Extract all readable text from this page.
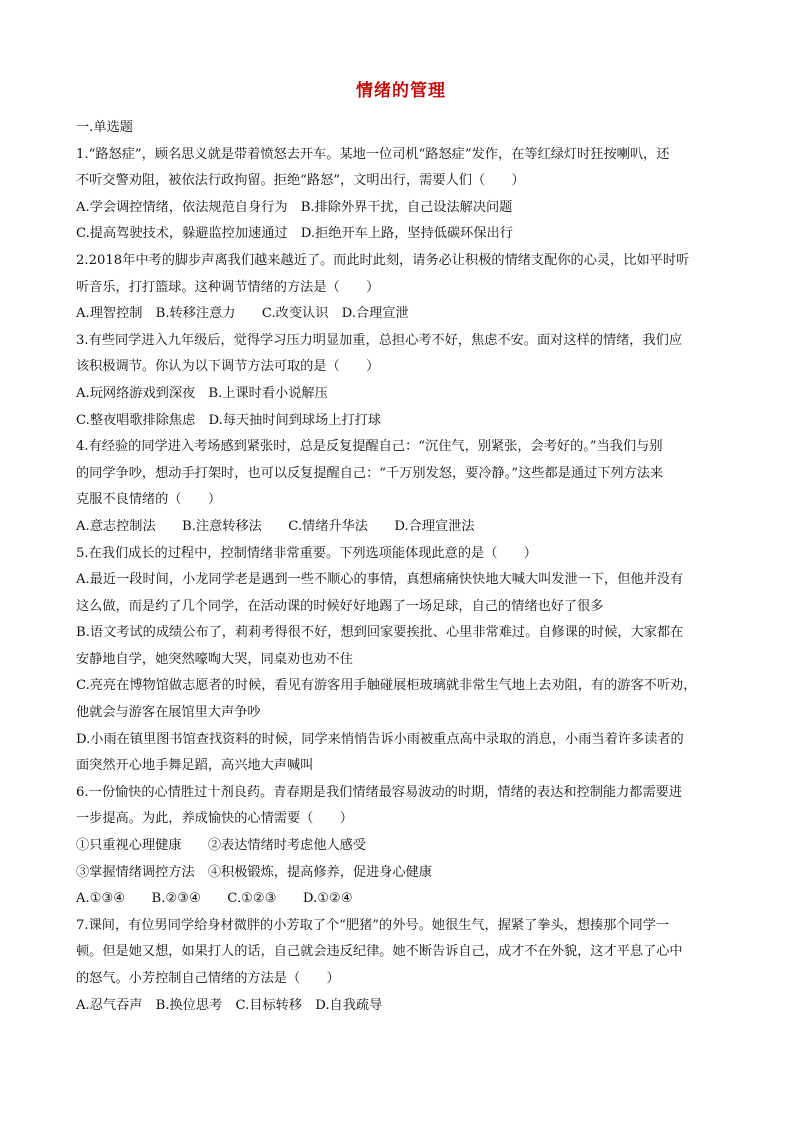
情绪的管理
一.单选题
1.“路怒症”，顾名思义就是带着愤怒去开车。某地一位司机“路怒症”发作，在等红绿灯时狂按喇叭，还
不听交警劝阻，被依法行政拘留。拒绝“路怒”，文明出行，需要人们（　　）
A.学会调控情绪，依法规范自身行为　B.排除外界干扰，自己设法解决问题
C.提高驾驶技术，躲避监控加速通过　D.拒绝开车上路，坚持低碳环保出行
2.2018年中考的脚步声离我们越来越近了。而此时此刻，请务必让积极的情绪支配你的心灵，比如平时听
听音乐，打打篮球。这种调节情绪的方法是（　　）
A.理智控制　B.转移注意力　　C.改变认识　D.合理宣泄
3.有些同学进入九年级后，觉得学习压力明显加重，总担心考不好，焦虑不安。面对这样的情绪，我们应
该积极调节。你认为以下调节方法可取的是（　　）
A.玩网络游戏到深夜　B.上课时看小说解压
C.整夜唱歌排除焦虑　D.每天抽时间到球场上打打球
4.有经验的同学进入考场感到紧张时，总是反复提醒自己：“沉住气，别紧张，会考好的。”当我们与别
的同学争吵，想动手打架时，也可以反复提醒自己：“千万别发怒，要冷静。”这些都是通过下列方法来
克服不良情绪的（　　）
A.意志控制法　　B.注意转移法　　C.情绪升华法　　D.合理宣泄法
5.在我们成长的过程中，控制情绪非常重要。下列选项能体现此意的是（　　）
A.最近一段时间，小龙同学老是遇到一些不顺心的事情，真想痛痛快快地大喊大叫发泄一下，但他并没有
这么做，而是约了几个同学，在活动课的时候好好地踢了一场足球，自己的情绪也好了很多
B.语文考试的成绩公布了，莉莉考得很不好，想到回家要挨批、心里非常难过。自修课的时候，大家都在
安静地自学，她突然嚎啕大哭，同桌劝也劝不住
C.亮亮在博物馆做志愿者的时候，看见有游客用手触碰展柜玻璃就非常生气地上去劝阻，有的游客不听劝，
他就会与游客在展馆里大声争吵
D.小雨在镇里图书馆查找资料的时候，同学来悄悄告诉小雨被重点高中录取的消息，小雨当着许多读者的
面突然开心地手舞足蹈，高兴地大声喊叫
6.一份愉快的心情胜过十剂良药。青春期是我们情绪最容易波动的时期，情绪的表达和控制能力都需要进
一步提高。为此，养成愉快的心情需要（　　）
①只重视心理健康　　②表达情绪时考虑他人感受
③掌握情绪调控方法　④积极锻炼，提高修养，促进身心健康
A.①③④　　B.②③④　　C.①②③　　D.①②④
7.课间，有位男同学给身材微胖的小芳取了个“肥猪”的外号。她很生气，握紧了拳头，想揍那个同学一
顿。但是她又想，如果打人的话，自己就会违反纪律。她不断告诉自己，成才不在外貌，这才平息了心中
的怒气。小芳控制自己情绪的方法是（　　）
A.忍气吞声　B.换位思考　C.目标转移　D.自我疏导
